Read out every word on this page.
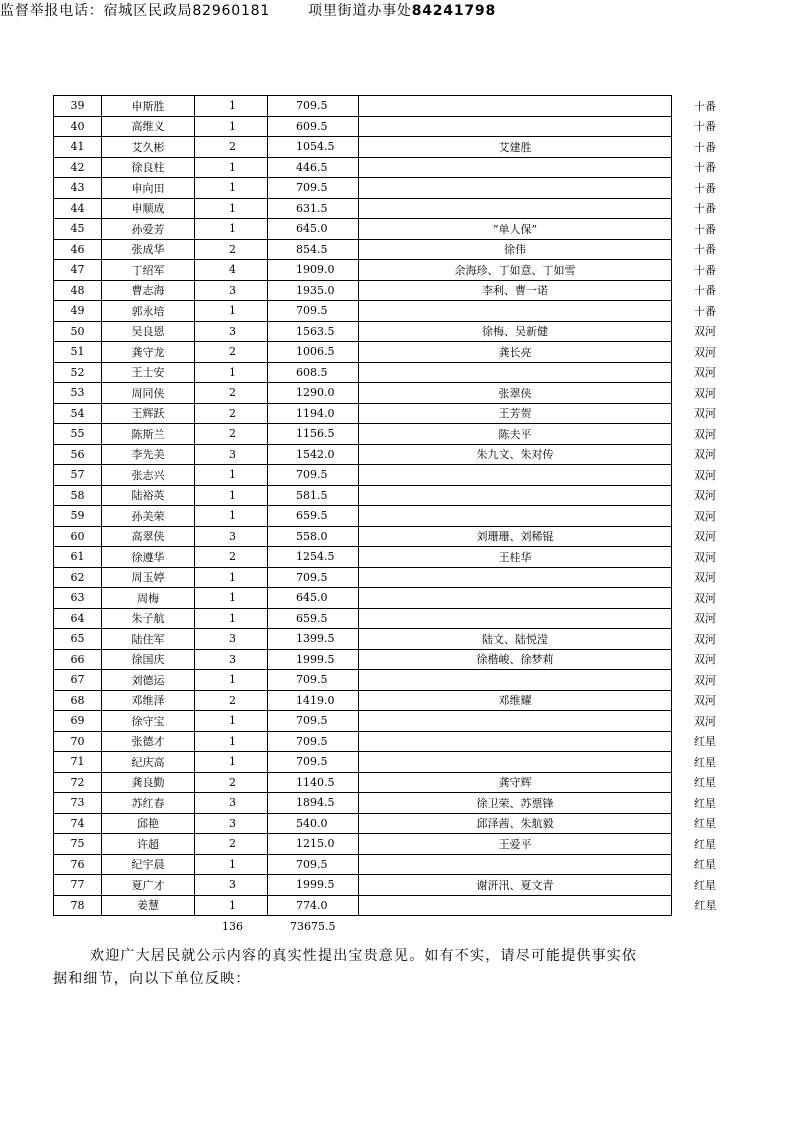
39	申斯胜	1	709.5		十番
40	高维义	1	609.5		十番
41	艾久彬	2	1054.5	艾建胜	十番
42	徐良柱	1	446.5		十番
43	申向田	1	709.5		十番
44	申顺成	1	631.5		十番
45	孙爱芳	1	645.0	“单人保”	十番
46	张成华	2	854.5	徐伟	十番
47	丁绍军	4	1909.0	余海珍、丁如意、丁如雪	十番
48	曹志海	3	1935.0	李利、曹一诺	十番
49	郭永培	1	709.5		十番
50	吴良恩	3	1563.5	徐梅、吴新健	双河
51	龚守龙	2	1006.5	龚长亮	双河
52	王士安	1	608.5		双河
53	周同侠	2	1290.0	张翠侠	双河
54	王辉跃	2	1194.0	王芳贺	双河
55	陈斯兰	2	1156.5	陈夫平	双河
56	李先美	3	1542.0	朱九文、朱对传	双河
57	张志兴	1	709.5		双河
58	陆裕英	1	581.5		双河
59	孙美荣	1	659.5		双河
60	高翠侠	3	558.0	刘珊珊、刘稀锟	双河
61	徐遵华	2	1254.5	王桂华	双河
62	周玉婷	1	709.5		双河
63	周梅	1	645.0		双河
64	朱子航	1	659.5		双河
65	陆住军	3	1399.5	陆文、陆悦滢	双河
66	徐国庆	3	1999.5	徐楷峻、徐梦莉	双河
67	刘德运	1	709.5		双河
68	邓维泽	2	1419.0	邓维耀	双河
69	徐守宝	1	709.5		双河
70	张德才	1	709.5		红星
71	纪庆高	1	709.5		红星
72	龚良勤	2	1140.5	龚守辉	红星
73	苏红春	3	1894.5	徐卫荣、苏票锋	红星
74	邱艳	3	540.0	邱泽茜、朱航毅	红星
75	许超	2	1215.0	王爱平	红星
76	纪宇晨	1	709.5		红星
77	夏广才	3	1999.5	谢汧汛、夏文青	红星
78	姜慧	1	774.0		红星
136	73675.5
欢迎广大居民就公示内容的真实性提出宝贵意见。如有不实，请尽可能提供事实依
据和细节，向以下单位反映：
监督举报电话：宿城区民政局82960181	项里街道办事处84241798
